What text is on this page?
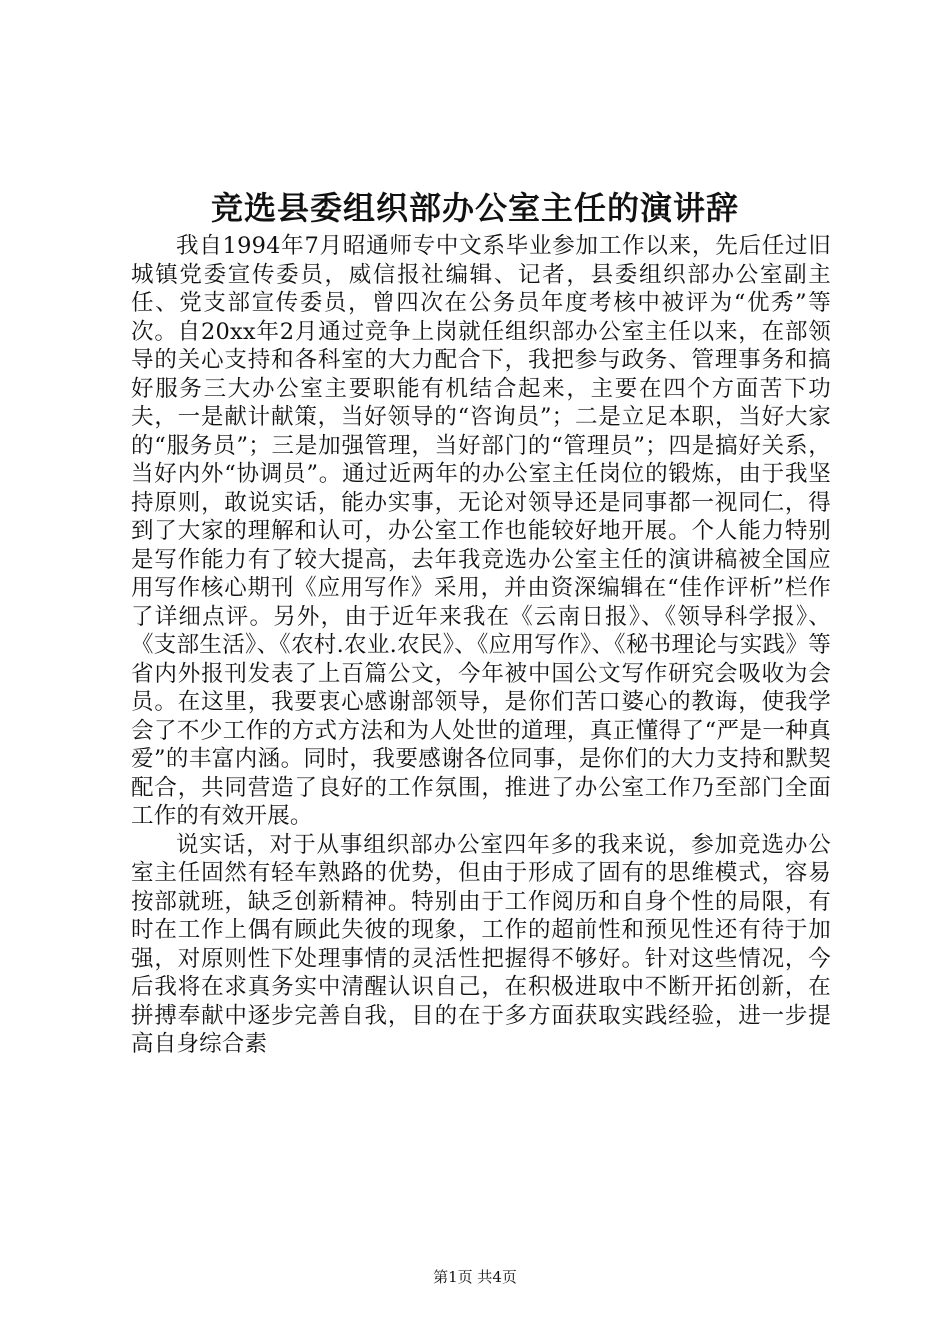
竞选县委组织部办公室主任的演讲辞

我自1994年7月昭通师专中文系毕业参加工作以来，先后任过旧城镇党委宣传委员，威信报社编辑、记者，县委组织部办公室副主任、党支部宣传委员，曾四次在公务员年度考核中被评为“优秀”等次。自20xx年2月通过竞争上岗就任组织部办公室主任以来，在部领导的关心支持和各科室的大力配合下，我把参与政务、管理事务和搞好服务三大办公室主要职能有机结合起来，主要在四个方面苦下功夫，一是献计献策，当好领导的“咨询员”；二是立足本职，当好大家的“服务员”；三是加强管理，当好部门的“管理员”；四是搞好关系，当好内外“协调员”。通过近两年的办公室主任岗位的锻炼，由于我坚持原则，敢说实话，能办实事，无论对领导还是同事都一视同仁，得到了大家的理解和认可，办公室工作也能较好地开展。个人能力特别是写作能力有了较大提高，去年我竞选办公室主任的演讲稿被全国应用写作核心期刊《应用写作》采用，并由资深编辑在“佳作评析”栏作了详细点评。另外，由于近年来我在《云南日报》、《领导科学报》、《支部生活》、《农村.农业.农民》、《应用写作》、《秘书理论与实践》等省内外报刊发表了上百篇公文，今年被中国公文写作研究会吸收为会员。在这里，我要衷心感谢部领导，是你们苦口婆心的教诲，使我学会了不少工作的方式方法和为人处世的道理，真正懂得了“严是一种真爱”的丰富内涵。同时，我要感谢各位同事，是你们的大力支持和默契配合，共同营造了良好的工作氛围，推进了办公室工作乃至部门全面工作的有效开展。

说实话，对于从事组织部办公室四年多的我来说，参加竞选办公室主任固然有轻车熟路的优势，但由于形成了固有的思维模式，容易按部就班，缺乏创新精神。特别由于工作阅历和自身个性的局限，有时在工作上偶有顾此失彼的现象，工作的超前性和预见性还有待于加强，对原则性下处理事情的灵活性把握得不够好。针对这些情况，今后我将在求真务实中清醒认识自己，在积极进取中不断开拓创新，在拼搏奉献中逐步完善自我，目的在于多方面获取实践经验，进一步提高自身综合素

第1页 共4页
